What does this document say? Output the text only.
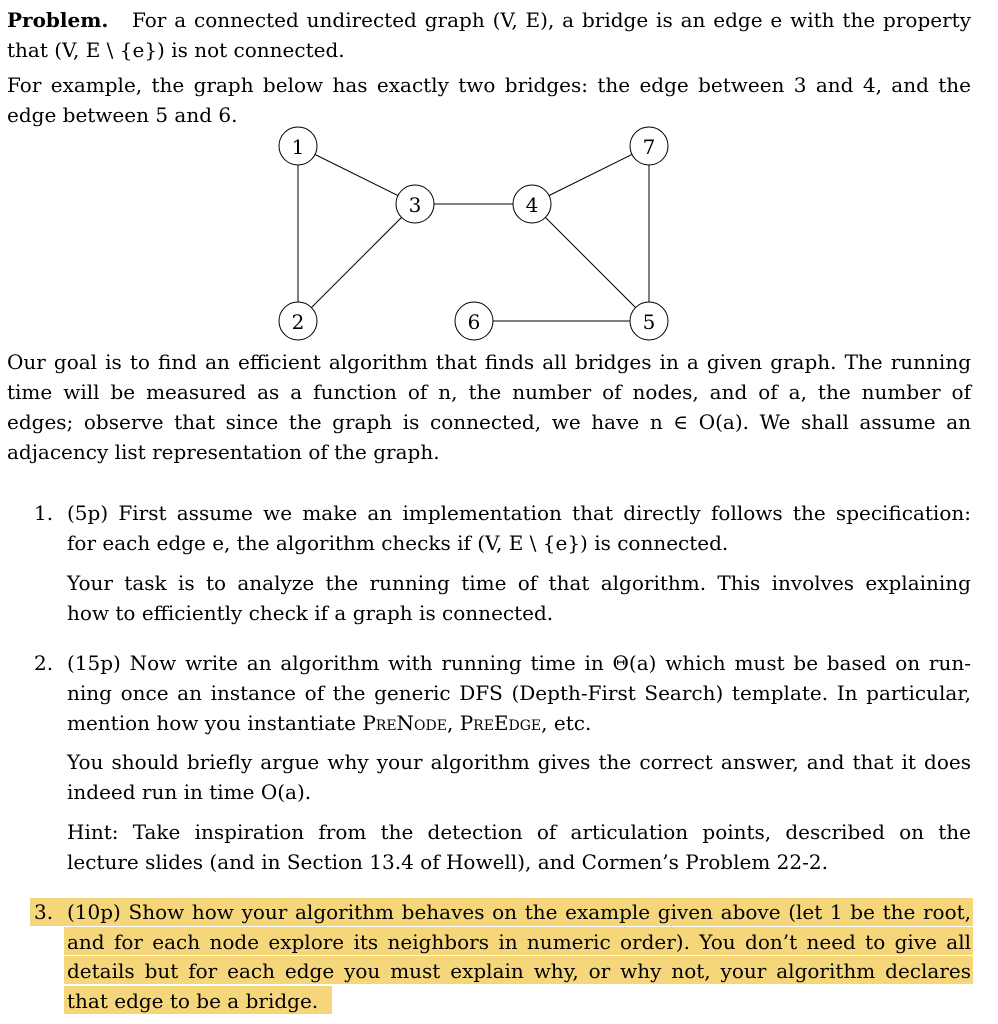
Problem. For a connected undirected graph (V, E), a bridge is an edge e with the property
that (V, E \ {e}) is not connected.
For example, the graph below has exactly two bridges: the edge between 3 and 4, and the
edge between 5 and 6.
1
2
3	4
5
6
7
Our goal is to find an efficient algorithm that finds all bridges in a given graph. The running
time will be measured as a function of n, the number of nodes, and of a, the number of
edges; observe that since the graph is connected, we have n ∈ O(a). We shall assume an
adjacency list representation of the graph.
1. (5p) First assume we make an implementation that directly follows the specification:
for each edge e, the algorithm checks if (V, E \ {e}) is connected.
Your task is to analyze the running time of that algorithm. This involves explaining
how to efficiently check if a graph is connected.
2. (15p) Now write an algorithm with running time in Θ(a) which must be based on run-
ning once an instance of the generic DFS (Depth-First Search) template. In particular,
mention how you instantiate PreNode, PreEdge, etc.
You should briefly argue why your algorithm gives the correct answer, and that it does
indeed run in time O(a).
Hint: Take inspiration from the detection of articulation points, described on the
lecture slides (and in Section 13.4 of Howell), and Cormen’s Problem 22-2.
3. (10p) Show how your algorithm behaves on the example given above (let 1 be the root,
and for each node explore its neighbors in numeric order). You don’t need to give all
details but for each edge you must explain why, or why not, your algorithm declares
that edge to be a bridge.
